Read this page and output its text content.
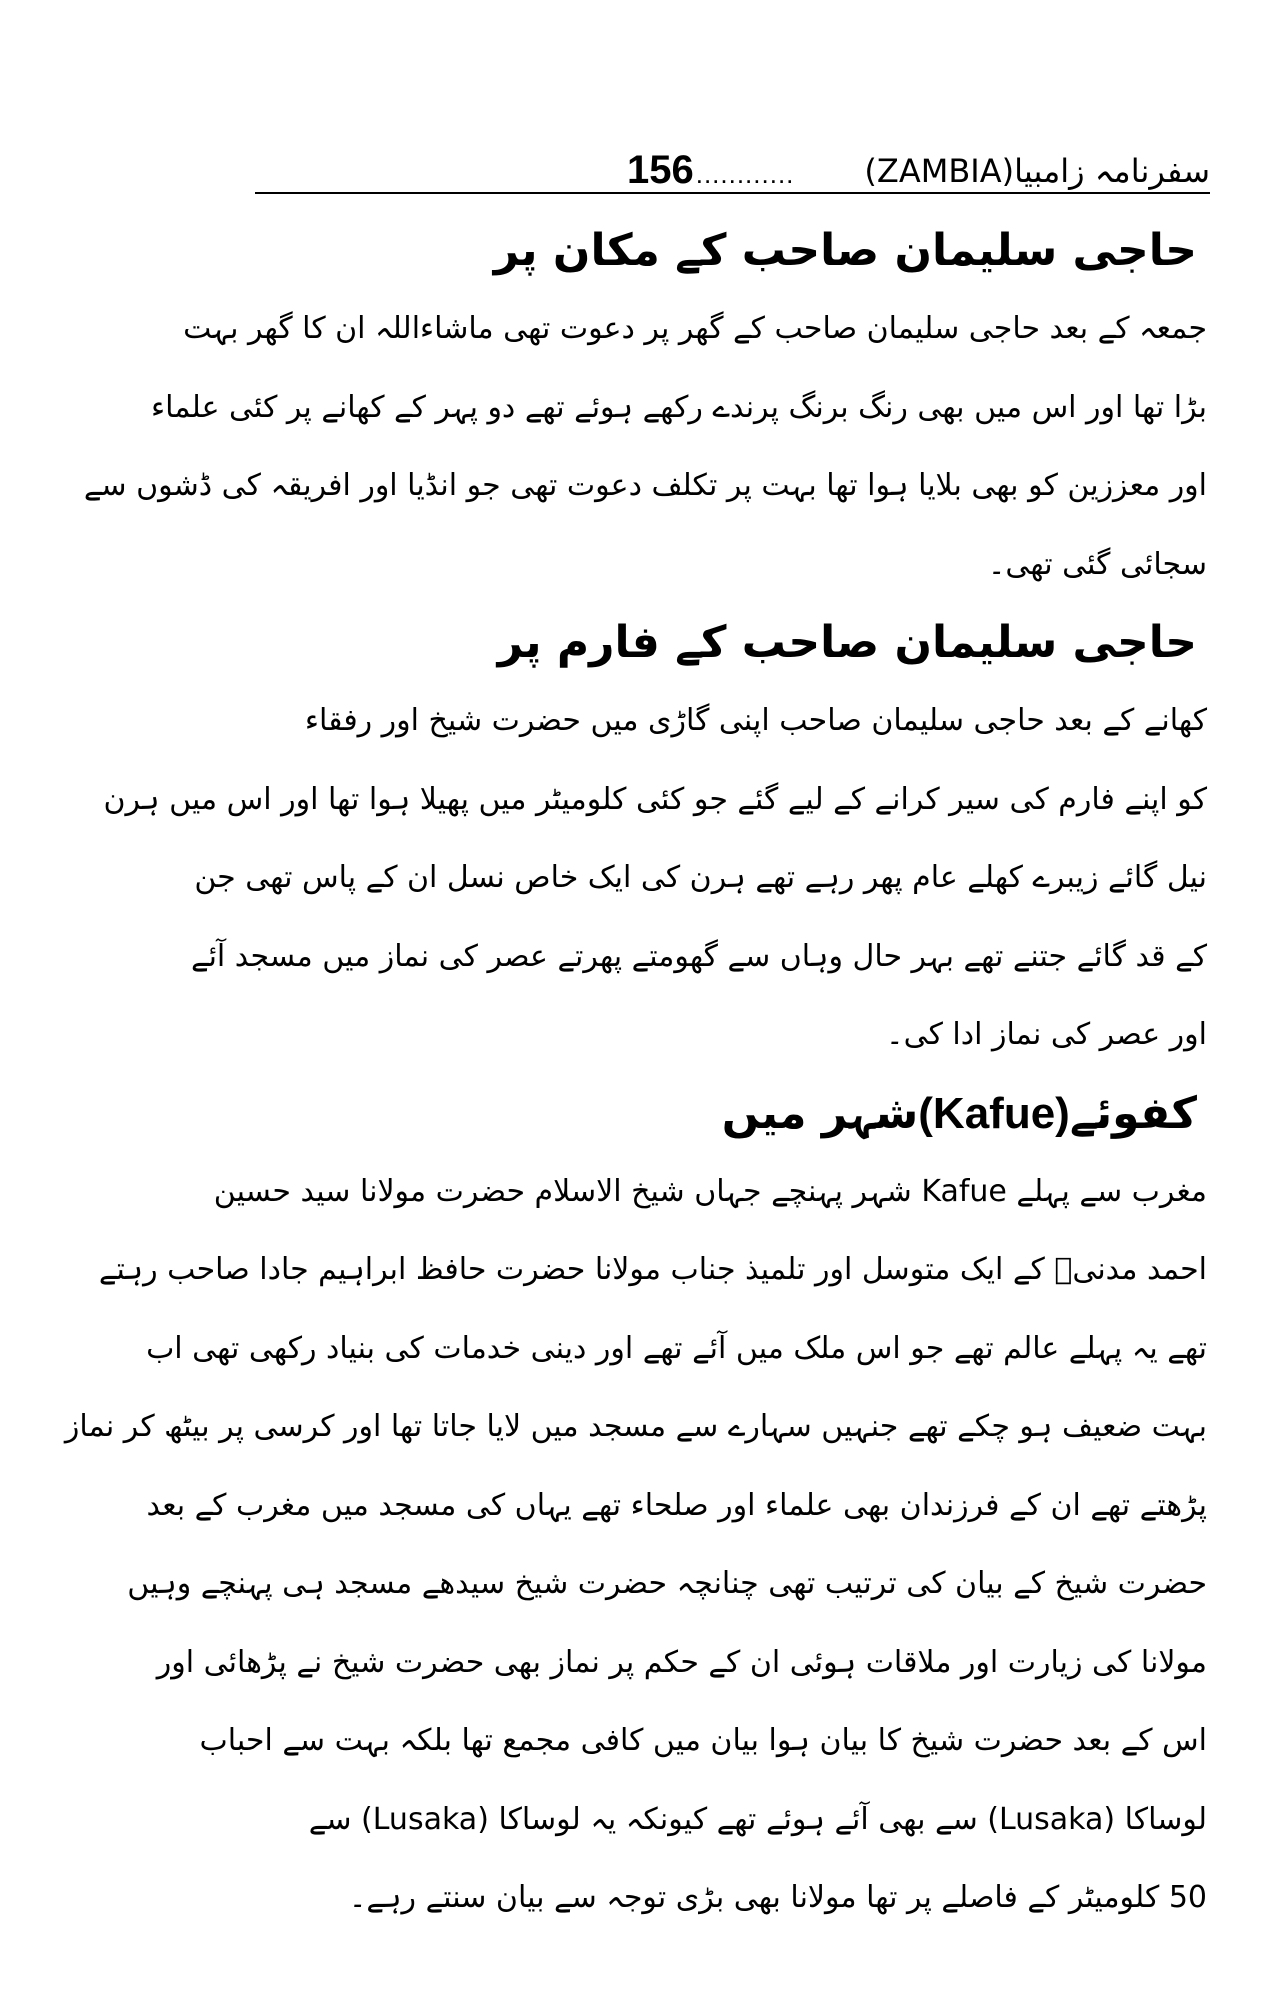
156 ............ سفرنامہ زامبیا(ZAMBIA)
حاجی سلیمان صاحب کے مکان پر

جمعہ کے بعد حاجی سلیمان صاحب کے گھر پر دعوت تھی ماشاءاللہ ان کا گھر بہت
بڑا تھا اور اس میں بھی رنگ برنگ پرندے رکھے ہوئے تھے دو پہر کے کھانے پر کئی علماء
اور معززین کو بھی بلایا ہوا تھا بہت پر تکلف دعوت تھی جو انڈیا اور افریقہ کی ڈشوں سے
سجائی گئی تھی۔

حاجی سلیمان صاحب کے فارم پر

کھانے کے بعد حاجی سلیمان صاحب اپنی گاڑی میں حضرت شیخ اور رفقاء
کو اپنے فارم کی سیر کرانے کے لیے گئے جو کئی کلومیٹر میں پھیلا ہوا تھا اور اس میں ہرن
نیل گائے زیبرے کھلے عام پھر رہے تھے ہرن کی ایک خاص نسل ان کے پاس تھی جن
کے قد گائے جتنے تھے بہر حال وہاں سے گھومتے پھرتے عصر کی نماز میں مسجد آئے
اور عصر کی نماز ادا کی۔

کفوئے(Kafue)شہر میں

مغرب سے پہلے Kafue شہر پہنچے جہاں شیخ الاسلام حضرت مولانا سید حسین
احمد مدنیؒ کے ایک متوسل اور تلمیذ جناب مولانا حضرت حافظ ابراہیم جادا صاحب رہتے
تھے یہ پہلے عالم تھے جو اس ملک میں آئے تھے اور دینی خدمات کی بنیاد رکھی تھی اب
بہت ضعیف ہو چکے تھے جنہیں سہارے سے مسجد میں لایا جاتا تھا اور کرسی پر بیٹھ کر نماز
پڑھتے تھے ان کے فرزندان بھی علماء اور صلحاء تھے یہاں کی مسجد میں مغرب کے بعد
حضرت شیخ کے بیان کی ترتیب تھی چنانچہ حضرت شیخ سیدھے مسجد ہی پہنچے وہیں
مولانا کی زیارت اور ملاقات ہوئی ان کے حکم پر نماز بھی حضرت شیخ نے پڑھائی اور
اس کے بعد حضرت شیخ کا بیان ہوا بیان میں کافی مجمع تھا بلکہ بہت سے احباب
لوساکا (Lusaka) سے بھی آئے ہوئے تھے کیونکہ یہ لوساکا (Lusaka) سے
50 کلومیٹر کے فاصلے پر تھا مولانا بھی بڑی توجہ سے بیان سنتے رہے۔
